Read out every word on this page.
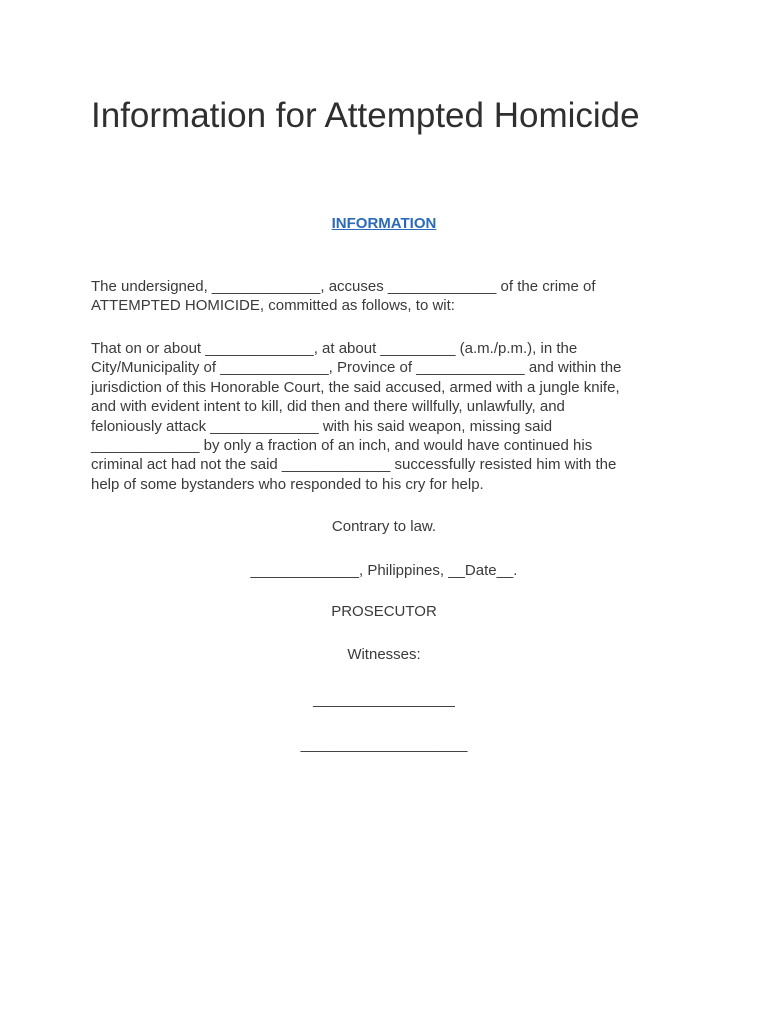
Information for Attempted Homicide
INFORMATION

The undersigned, _____________, accuses _____________ of the crime of
ATTEMPTED HOMICIDE, committed as follows, to wit:

That on or about _____________, at about _________ (a.m./p.m.), in the
City/Municipality of _____________, Province of _____________ and within the
jurisdiction of this Honorable Court, the said accused, armed with a jungle knife,
and with evident intent to kill, did then and there willfully, unlawfully, and
feloniously attack _____________ with his said weapon, missing said
_____________ by only a fraction of an inch, and would have continued his
criminal act had not the said _____________ successfully resisted him with the
help of some bystanders who responded to his cry for help.

Contrary to law.
_____________, Philippines, __Date__.
PROSECUTOR
Witnesses:
_________________
____________________
